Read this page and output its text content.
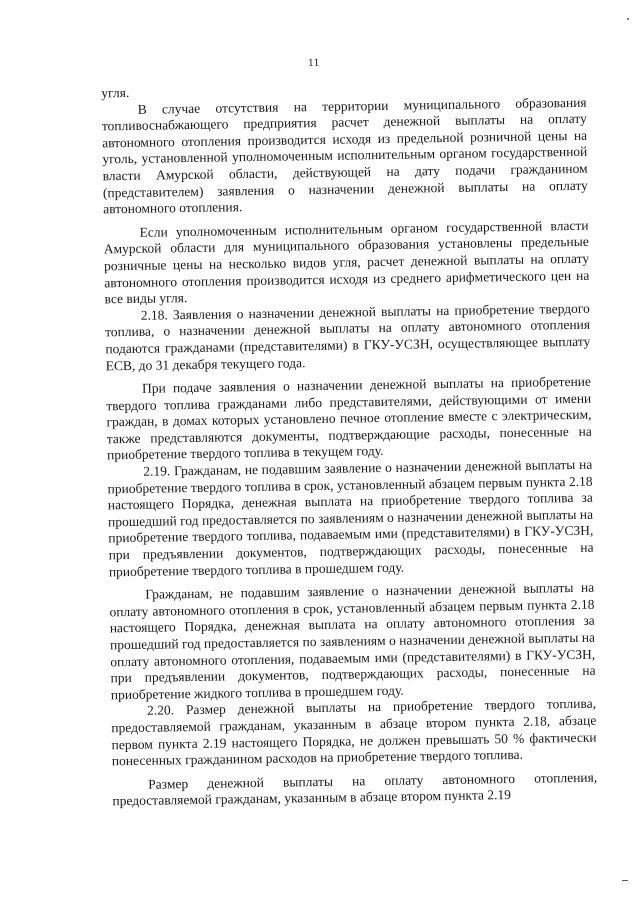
11

угля.

В случае отсутствия на территории муниципального образования топливоснабжающего предприятия расчет денежной выплаты на оплату автономного отопления производится исходя из предельной розничной цены на уголь, установленной уполномоченным исполнительным органом государственной власти Амурской области, действующей на дату подачи гражданином (представителем) заявления о назначении денежной выплаты на оплату автономного отопления.

Если уполномоченным исполнительным органом государственной власти Амурской области для муниципального образования установлены предельные розничные цены на несколько видов угля, расчет денежной выплаты на оплату автономного отопления производится исходя из среднего арифметического цен на все виды угля.

2.18. Заявления о назначении денежной выплаты на приобретение твердого топлива, о назначении денежной выплаты на оплату автономного отопления подаются гражданами (представителями) в ГКУ-УСЗН, осуществляющее выплату ЕСВ, до 31 декабря текущего года.

При подаче заявления о назначении денежной выплаты на приобретение твердого топлива гражданами либо представителями, действующими от имени граждан, в домах которых установлено печное отопление вместе с электрическим, также представляются документы, подтверждающие расходы, понесенные на приобретение твердого топлива в текущем году.

2.19. Гражданам, не подавшим заявление о назначении денежной выплаты на приобретение твердого топлива в срок, установленный абзацем первым пункта 2.18 настоящего Порядка, денежная выплата на приобретение твердого топлива за прошедший год предоставляется по заявлениям о назначении денежной выплаты на приобретение твердого топлива, подаваемым ими (представителями) в ГКУ-УСЗН, при предъявлении документов, подтверждающих расходы, понесенные на приобретение твердого топлива в прошедшем году.

Гражданам, не подавшим заявление о назначении денежной выплаты на оплату автономного отопления в срок, установленный абзацем первым пункта 2.18 настоящего Порядка, денежная выплата на оплату автономного отопления за прошедший год предоставляется по заявлениям о назначении денежной выплаты на оплату автономного отопления, подаваемым ими (представителями) в ГКУ-УСЗН, при предъявлении документов, подтверждающих расходы, понесенные на приобретение жидкого топлива в прошедшем году.

2.20. Размер денежной выплаты на приобретение твердого топлива, предоставляемой гражданам, указанным в абзаце втором пункта 2.18, абзаце первом пункта 2.19 настоящего Порядка, не должен превышать 50 % фактически понесенных гражданином расходов на приобретение твердого топлива.

Размер денежной выплаты на оплату автономного отопления, предоставляемой гражданам, указанным в абзаце втором пункта 2.19
